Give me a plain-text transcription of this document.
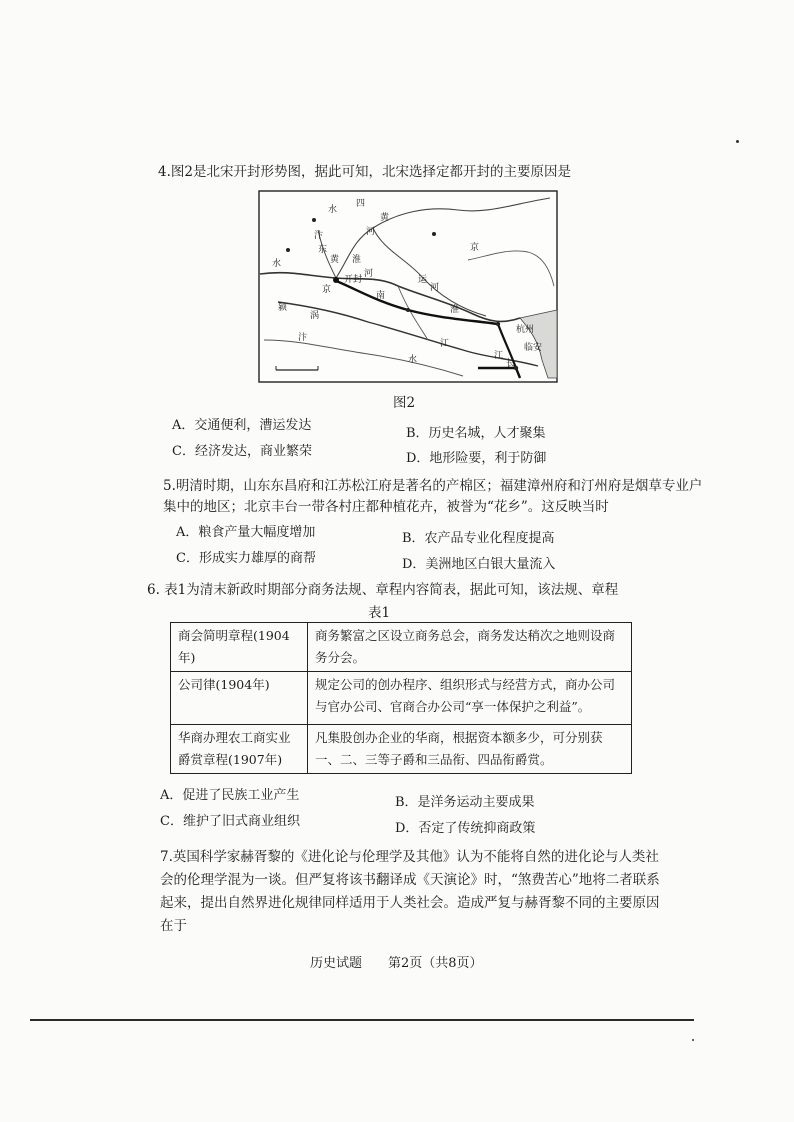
4.图2是北宋开封形势图，据此可知，北宋选择定都开封的主要原因是
水
四
黄
河
汴
水	黄 淮
河
东
京
运
河
开封
颍
涡
淮
长
江
杭州
临安
水
南
京
汴
江
图2
A．交通便利，漕运发达
B．历史名城，人才聚集
C．经济发达，商业繁荣	D．地形险要，利于防御
5.明清时期，山东东昌府和江苏松江府是著名的产棉区；福建漳州府和汀州府是烟草专业户集中的地区；北京丰台一带各村庄都种植花卉，被誉为“花乡”。这反映当时
A．粮食产量大幅度增加	B．农产品专业化程度提高
C．形成实力雄厚的商帮	D．美洲地区白银大量流入
6. 表1为清末新政时期部分商务法规、章程内容简表，据此可知，该法规、章程
表1
商会简明章程(1904年)	商务繁富之区设立商务总会，商务发达稍次之地则设商务分会。
公司律(1904年)	规定公司的创办程序、组织形式与经营方式，商办公司与官办公司、官商合办公司“享一体保护之利益”。
华商办理农工商实业爵赏章程(1907年)	凡集股创办企业的华商，根据资本额多少，可分别获一、二、三等子爵和三品衔、四品衔爵赏。
A．促进了民族工业产生	B．是洋务运动主要成果
C．维护了旧式商业组织	D．否定了传统抑商政策
7.英国科学家赫胥黎的《进化论与伦理学及其他》认为不能将自然的进化论与人类社会的伦理学混为一谈。但严复将该书翻译成《天演论》时，“煞费苦心”地将二者联系起来，提出自然界进化规律同样适用于人类社会。造成严复与赫胥黎不同的主要原因在于
历史试题　　第2页（共8页）
